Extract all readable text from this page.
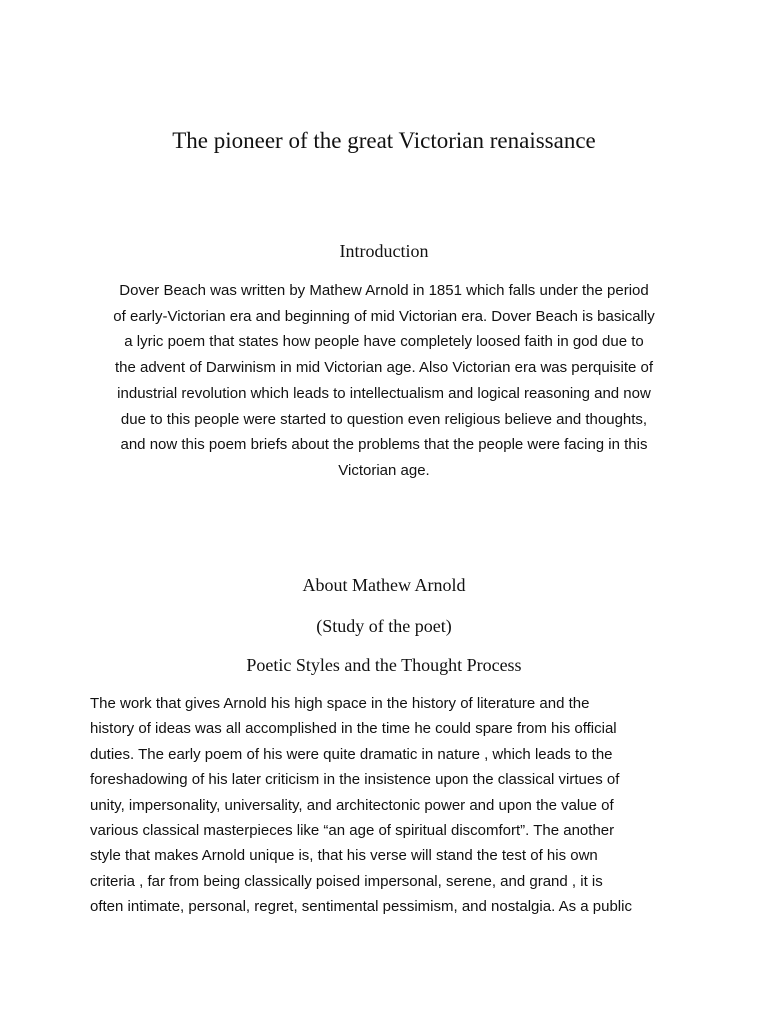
The pioneer of the great Victorian renaissance
Introduction
Dover Beach was written by Mathew Arnold in 1851 which falls under the period
of early-Victorian era and beginning of mid Victorian era. Dover Beach is basically
a lyric poem that states how people have completely loosed faith in god due to
the advent of Darwinism in mid Victorian age. Also Victorian era was perquisite of
industrial revolution which leads to intellectualism and logical reasoning and now
due to this people were started to question even religious believe and thoughts,
and now this poem briefs about the problems that the people were facing in this
Victorian age.
About Mathew Arnold
(Study of the poet)
Poetic Styles and the Thought Process
The work that gives Arnold his high space in the history of literature and the
history of ideas was all accomplished in the time he could spare from his official
duties. The early poem of his were quite dramatic in nature , which leads to the
foreshadowing of his later criticism in the insistence upon the classical virtues of
unity, impersonality, universality, and architectonic power and upon the value of
various classical masterpieces like “an age of spiritual discomfort”. The another
style that makes Arnold unique is, that his verse will stand the test of his own
criteria , far from being classically poised impersonal, serene, and grand , it is
often intimate, personal, regret, sentimental pessimism, and nostalgia. As a public
